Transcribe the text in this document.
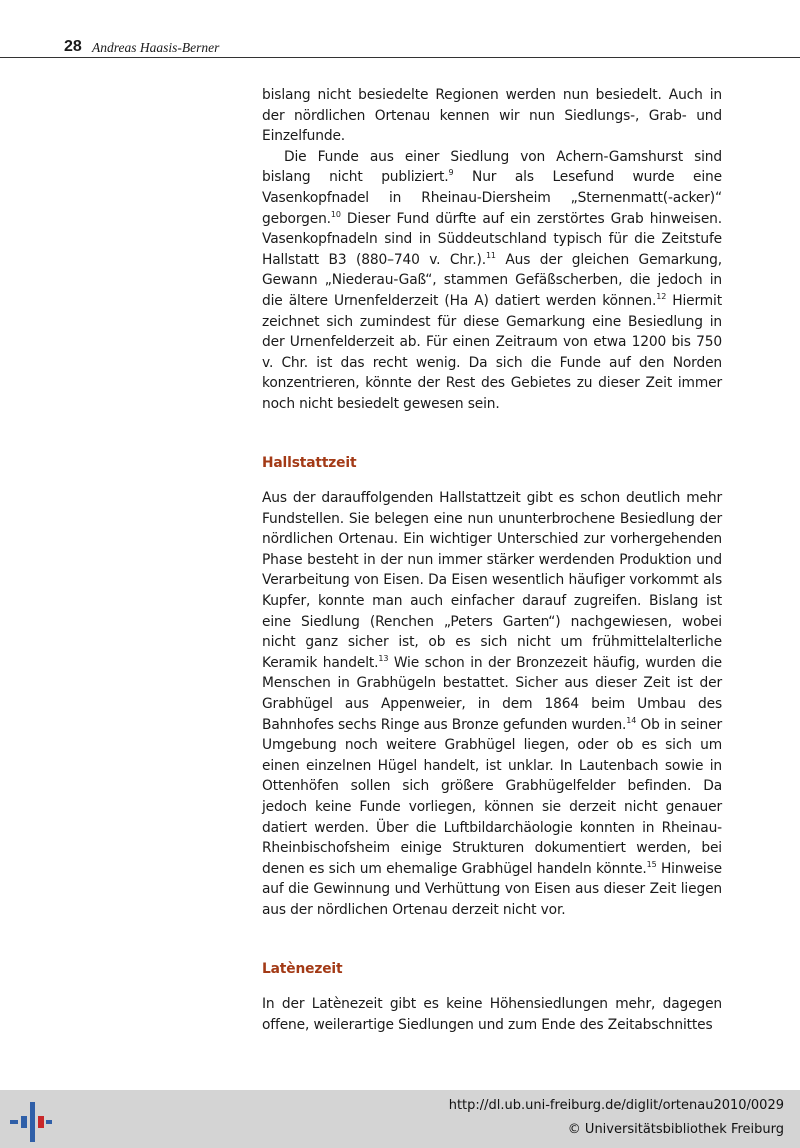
28 Andreas Haasis-Berner

bislang nicht besiedelte Regionen werden nun besiedelt. Auch in der nördlichen Ortenau kennen wir nun Siedlungs-, Grab- und Einzelfunde.

Die Funde aus einer Siedlung von Achern-Gamshurst sind bislang nicht publiziert.$^9$ Nur als Lesefund wurde eine Vasenkopfnadel in Rheinau-Diersheim „Sternenmatt(-acker)“ geborgen.$^{10}$ Dieser Fund dürfte auf ein zerstörtes Grab hinweisen. Vasenkopfnadeln sind in Süddeutschland typisch für die Zeitstufe Hallstatt B3 (880–740 v. Chr.).$^{11}$ Aus der gleichen Gemarkung, Gewann „Niederau-Gaß“, stammen Gefäßscherben, die jedoch in die ältere Urnenfelderzeit (Ha A) datiert werden können.$^{12}$ Hiermit zeichnet sich zumindest für diese Gemarkung eine Besiedlung in der Urnenfelderzeit ab. Für einen Zeitraum von etwa 1200 bis 750 v. Chr. ist das recht wenig. Da sich die Funde auf den Norden konzentrieren, könnte der Rest des Gebietes zu dieser Zeit immer noch nicht besiedelt gewesen sein.

Hallstattzeit

Aus der darauffolgenden Hallstattzeit gibt es schon deutlich mehr Fundstellen. Sie belegen eine nun ununterbrochene Besiedlung der nördlichen Ortenau. Ein wichtiger Unterschied zur vorhergehenden Phase besteht in der nun immer stärker werdenden Produktion und Verarbeitung von Eisen. Da Eisen wesentlich häufiger vorkommt als Kupfer, konnte man auch einfacher darauf zugreifen. Bislang ist eine Siedlung (Renchen „Peters Garten“) nachgewiesen, wobei nicht ganz sicher ist, ob es sich nicht um frühmittelalterliche Keramik handelt.$^{13}$ Wie schon in der Bronzezeit häufig, wurden die Menschen in Grabhügeln bestattet. Sicher aus dieser Zeit ist der Grabhügel aus Appenweier, in dem 1864 beim Umbau des Bahnhofes sechs Ringe aus Bronze gefunden wurden.$^{14}$ Ob in seiner Umgebung noch weitere Grabhügel liegen, oder ob es sich um einen einzelnen Hügel handelt, ist unklar. In Lautenbach sowie in Ottenhöfen sollen sich größere Grabhügelfelder befinden. Da jedoch keine Funde vorliegen, können sie derzeit nicht genauer datiert werden. Über die Luftbildarchäologie konnten in Rheinau-Rheinbischofsheim einige Strukturen dokumentiert werden, bei denen es sich um ehemalige Grabhügel handeln könnte.$^{15}$ Hinweise auf die Gewinnung und Verhüttung von Eisen aus dieser Zeit liegen aus der nördlichen Ortenau derzeit nicht vor.

Latènezeit

In der Latènezeit gibt es keine Höhensiedlungen mehr, dagegen offene, weilerartige Siedlungen und zum Ende des Zeitabschnittes

http://dl.ub.uni-freiburg.de/diglit/ortenau2010/0029
© Universitätsbibliothek Freiburg
